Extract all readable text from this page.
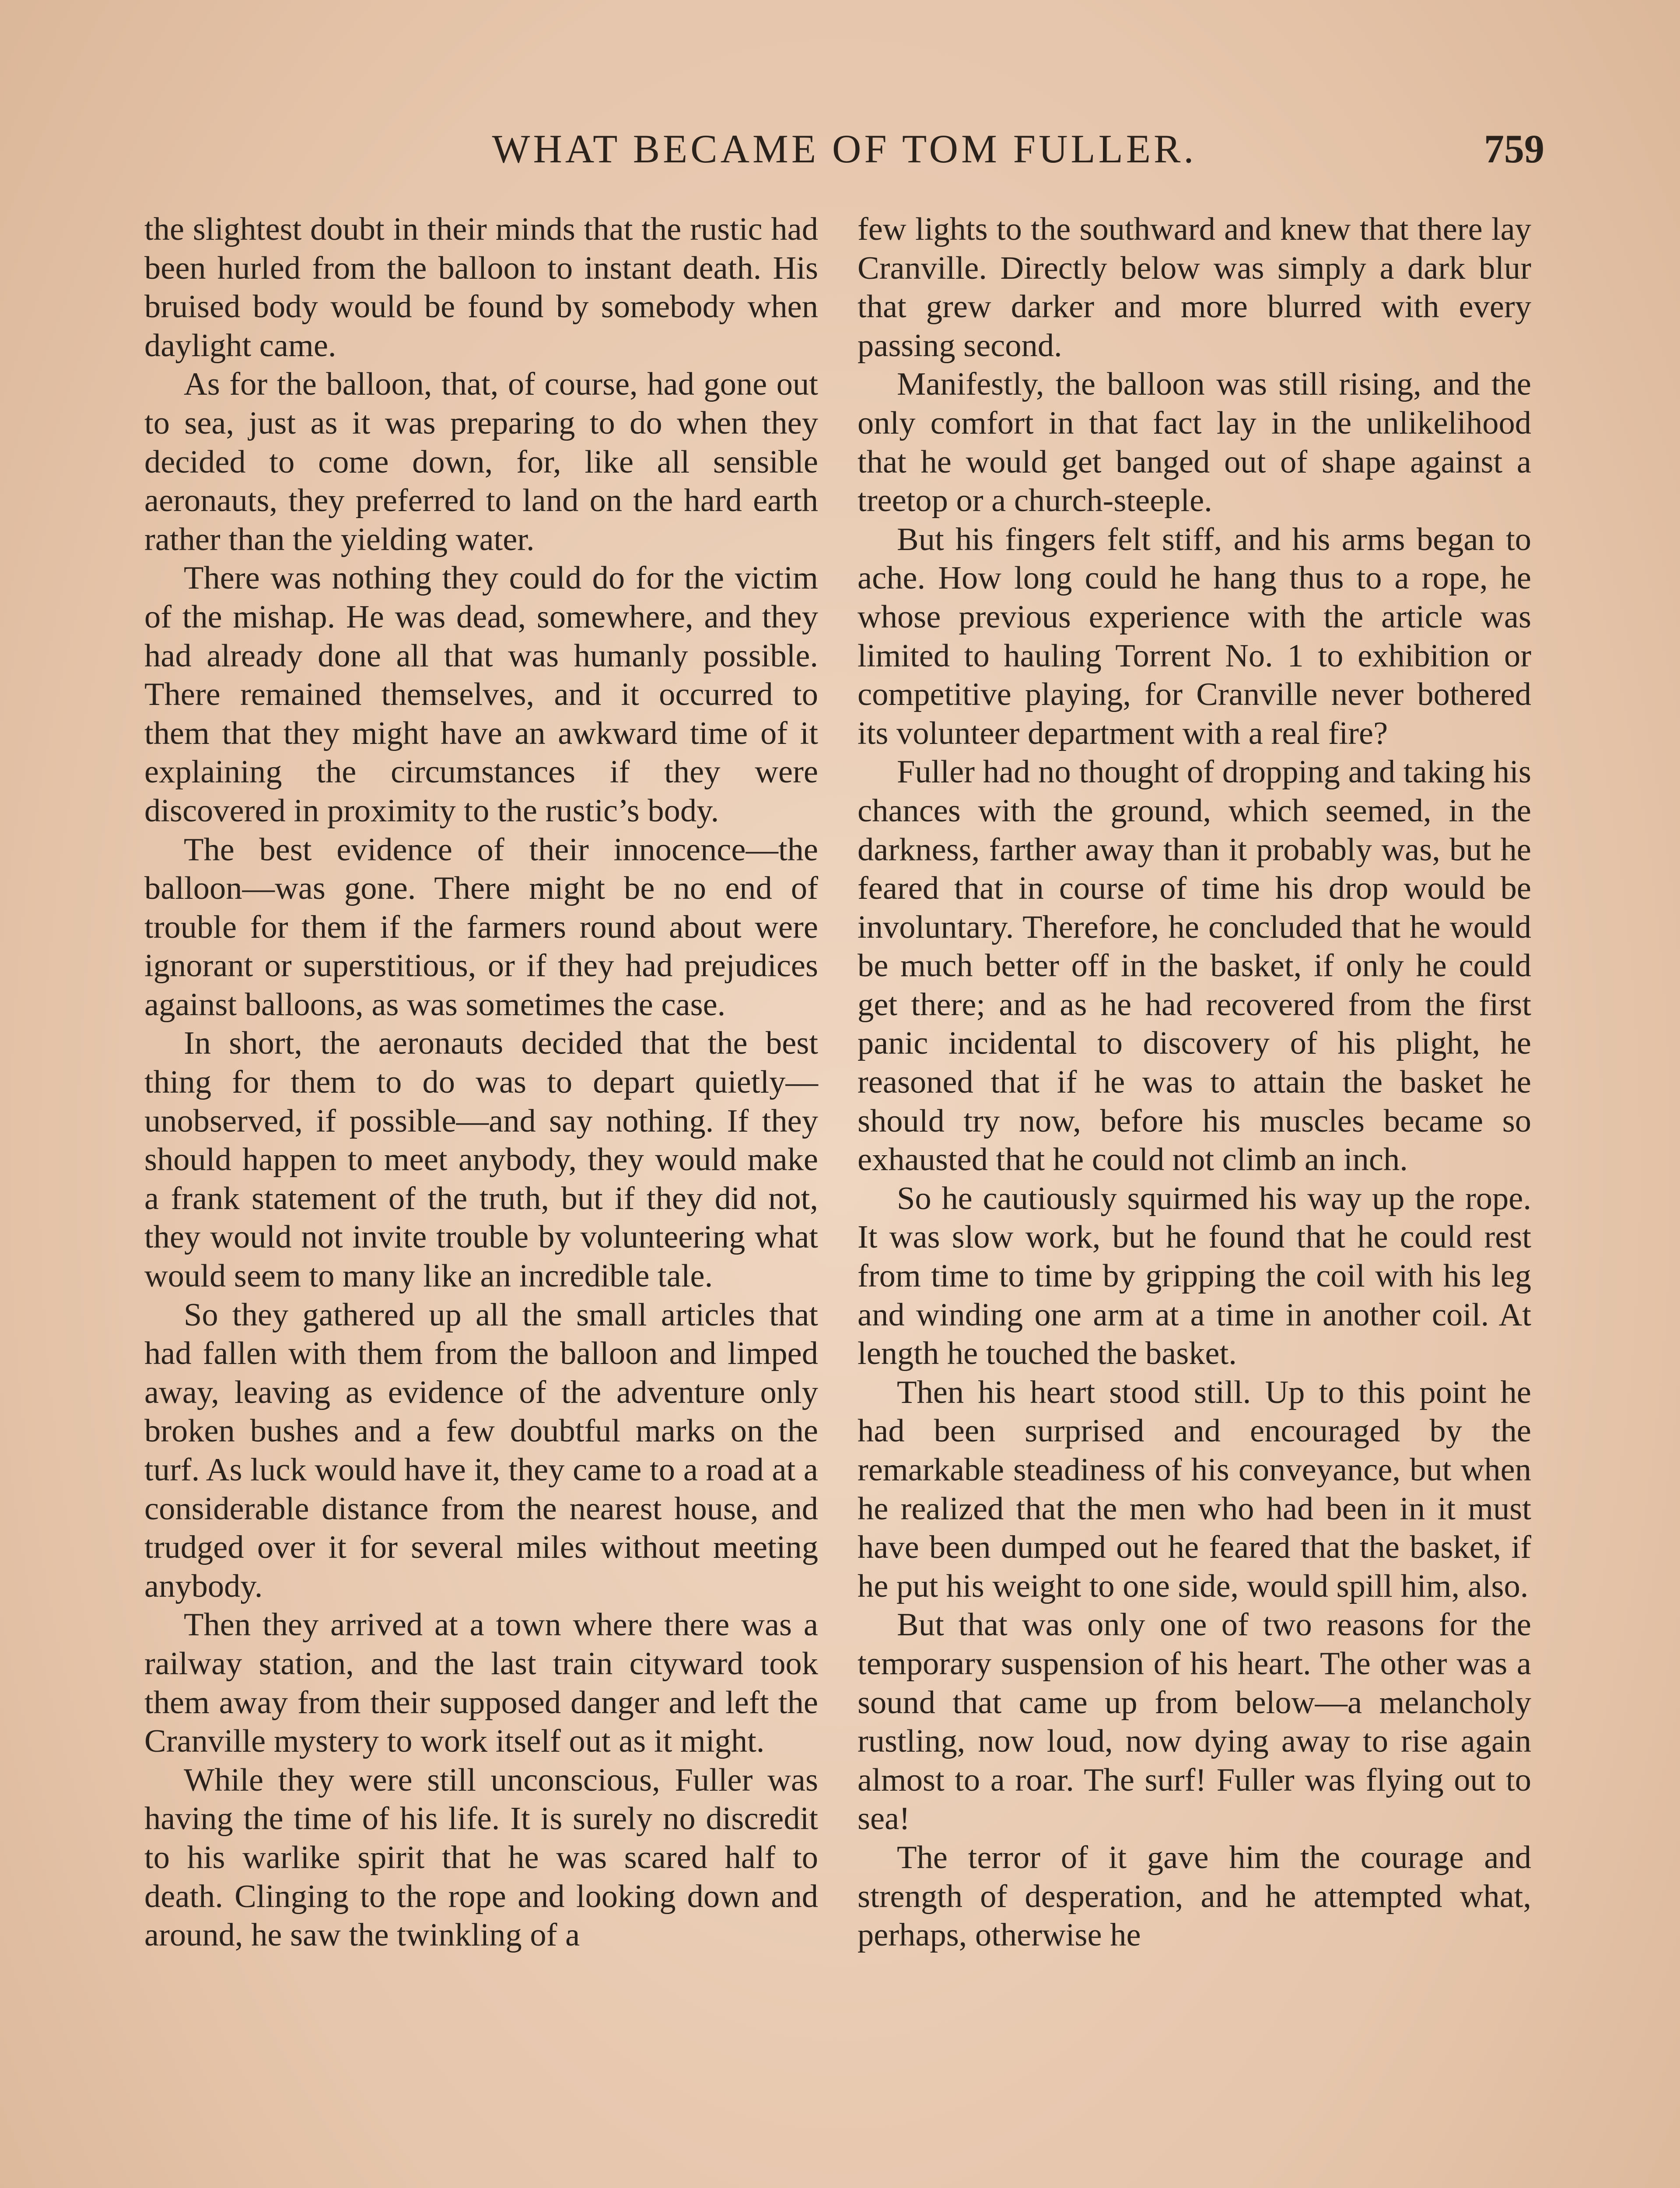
WHAT BECAME OF TOM FULLER.	759

the slightest doubt in their minds that the rustic had been hurled from the balloon to instant death. His bruised body would be found by somebody when daylight came.

As for the balloon, that, of course, had gone out to sea, just as it was preparing to do when they decided to come down, for, like all sensible aeronauts, they preferred to land on the hard earth rather than the yielding water.

There was nothing they could do for the victim of the mishap. He was dead, somewhere, and they had already done all that was humanly possible. There remained themselves, and it occurred to them that they might have an awkward time of it explaining the circumstances if they were discovered in proximity to the rustic’s body.

The best evidence of their innocence—the balloon—was gone. There might be no end of trouble for them if the farmers round about were ignorant or superstitious, or if they had prejudices against balloons, as was sometimes the case.

In short, the aeronauts decided that the best thing for them to do was to depart quietly—unobserved, if possible—and say nothing. If they should happen to meet anybody, they would make a frank statement of the truth, but if they did not, they would not invite trouble by volunteering what would seem to many like an incredible tale.

So they gathered up all the small articles that had fallen with them from the balloon and limped away, leaving as evidence of the adventure only broken bushes and a few doubtful marks on the turf. As luck would have it, they came to a road at a considerable distance from the nearest house, and trudged over it for several miles without meeting anybody.

Then they arrived at a town where there was a railway station, and the last train cityward took them away from their supposed danger and left the Cranville mystery to work itself out as it might.

While they were still unconscious, Fuller was having the time of his life. It is surely no discredit to his warlike spirit that he was scared half to death. Clinging to the rope and looking down and around, he saw the twinkling of a

few lights to the southward and knew that there lay Cranville. Directly below was simply a dark blur that grew darker and more blurred with every passing second.

Manifestly, the balloon was still rising, and the only comfort in that fact lay in the unlikelihood that he would get banged out of shape against a treetop or a church-steeple.

But his fingers felt stiff, and his arms began to ache. How long could he hang thus to a rope, he whose previous experience with the article was limited to hauling Torrent No. 1 to exhibition or competitive playing, for Cranville never bothered its volunteer department with a real fire?

Fuller had no thought of dropping and taking his chances with the ground, which seemed, in the darkness, farther away than it probably was, but he feared that in course of time his drop would be involuntary. Therefore, he concluded that he would be much better off in the basket, if only he could get there; and as he had recovered from the first panic incidental to discovery of his plight, he reasoned that if he was to attain the basket he should try now, before his muscles became so exhausted that he could not climb an inch.

So he cautiously squirmed his way up the rope. It was slow work, but he found that he could rest from time to time by gripping the coil with his leg and winding one arm at a time in another coil. At length he touched the basket.

Then his heart stood still. Up to this point he had been surprised and encouraged by the remarkable steadiness of his conveyance, but when he realized that the men who had been in it must have been dumped out he feared that the basket, if he put his weight to one side, would spill him, also.

But that was only one of two reasons for the temporary suspension of his heart. The other was a sound that came up from below—a melancholy rustling, now loud, now dying away to rise again almost to a roar. The surf! Fuller was flying out to sea!

The terror of it gave him the courage and strength of desperation, and he attempted what, perhaps, otherwise he
